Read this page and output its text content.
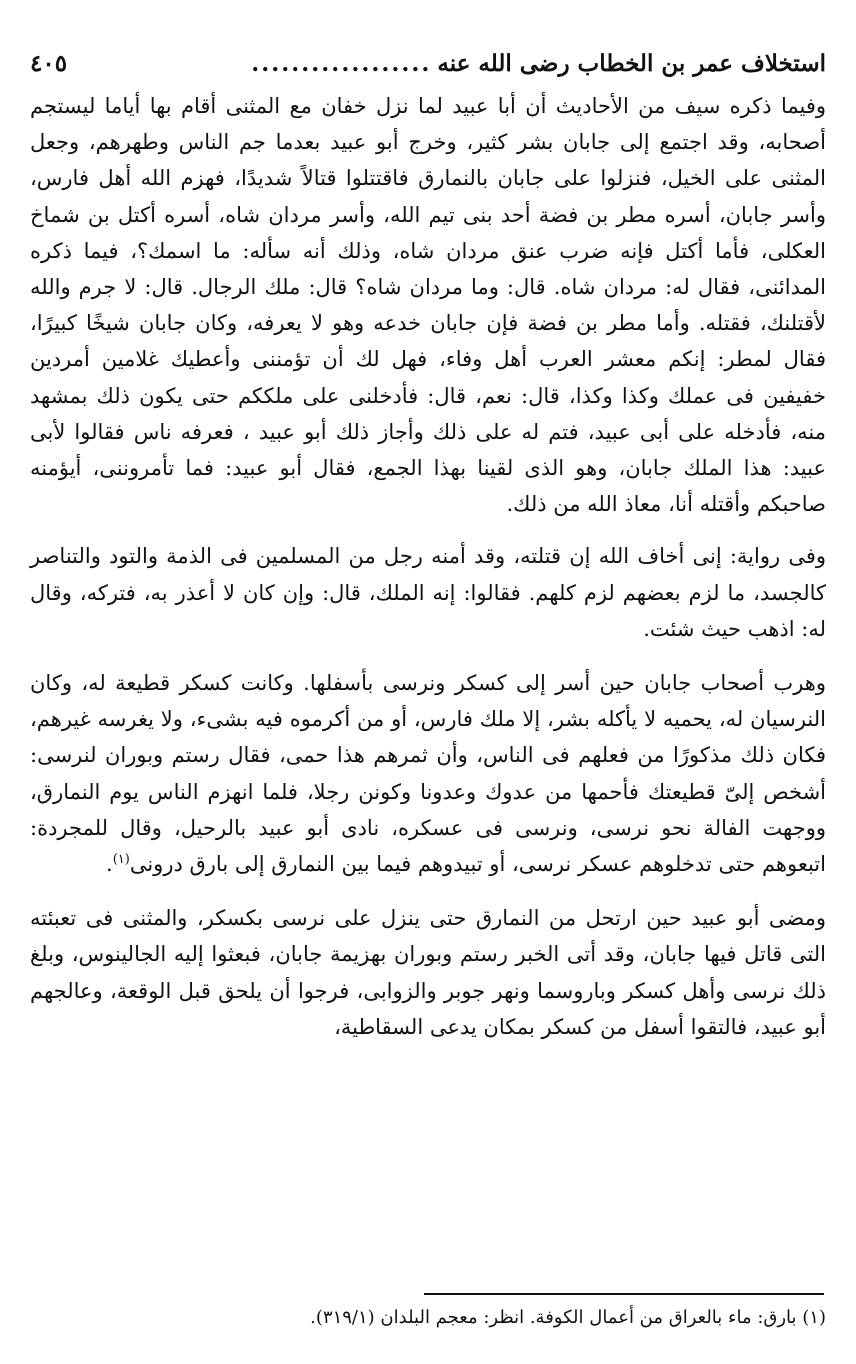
استخلاف عمر بن الخطاب رضى الله عنه
..................
٤٠٥

وفيما ذكره سيف من الأحاديث أن أبا عبيد لما نزل خفان مع المثنى أقام بها أياما ليستجم أصحابه، وقد اجتمع إلى جابان بشر كثير، وخرج أبو عبيد بعدما جم الناس وطهرهم، وجعل المثنى على الخيل، فنزلوا على جابان بالنمارق فاقتتلوا قتالاً شديدًا، فهزم الله أهل فارس، وأسر جابان، أسره مطر بن فضة أحد بنى تيم الله، وأسر مردان شاه، أسره أكتل بن شماخ العكلى، فأما أكتل فإنه ضرب عنق مردان شاه، وذلك أنه سأله: ما اسمك؟، فيما ذكره المدائنى، فقال له: مردان شاه. قال: وما مردان شاه؟ قال: ملك الرجال. قال: لا جرم والله لأقتلنك، فقتله. وأما مطر بن فضة فإن جابان خدعه وهو لا يعرفه، وكان جابان شيخًا كبيرًا، فقال لمطر: إنكم معشر العرب أهل وفاء، فهل لك أن تؤمننى وأعطيك غلامين أمردين خفيفين فى عملك وكذا وكذا، قال: نعم، قال: فأدخلنى على ملككم حتى يكون ذلك بمشهد منه، فأدخله على أبى عبيد، فتم له على ذلك وأجاز ذلك أبو عبيد ، فعرفه ناس فقالوا لأبى عبيد: هذا الملك جابان، وهو الذى لقينا بهذا الجمع، فقال أبو عبيد: فما تأمروننى، أيؤمنه صاحبكم وأقتله أنا، معاذ الله من ذلك.

وفى رواية: إنى أخاف الله إن قتلته، وقد أمنه رجل من المسلمين فى الذمة والتود والتناصر كالجسد، ما لزم بعضهم لزم كلهم. فقالوا: إنه الملك، قال: وإن كان لا أعذر به، فتركه، وقال له: اذهب حيث شئت.

وهرب أصحاب جابان حين أسر إلى كسكر ونرسى بأسفلها. وكانت كسكر قطيعة له، وكان النرسيان له، يحميه لا يأكله بشر، إلا ملك فارس، أو من أكرموه فيه بشىء، ولا يغرسه غيرهم، فكان ذلك مذكورًا من فعلهم فى الناس، وأن ثمرهم هذا حمى، فقال رستم وبوران لنرسى: أشخص إلىّ قطيعتك فأحمها من عدوك وعدونا وكونن رجلا، فلما انهزم الناس يوم النمارق، ووجهت الفالة نحو نرسى، ونرسى فى عسكره، نادى أبو عبيد بالرحيل، وقال للمجردة: اتبعوهم حتى تدخلوهم عسكر نرسى، أو تبيدوهم فيما بين النمارق إلى بارق درونى$^{(١)}$.

ومضى أبو عبيد حين ارتحل من النمارق حتى ينزل على نرسى بكسكر، والمثنى فى تعبئته التى قاتل فيها جابان، وقد أتى الخبر رستم وبوران بهزيمة جابان، فبعثوا إليه الجالينوس، وبلغ ذلك نرسى وأهل كسكر وباروسما ونهر جوبر والزوابى، فرجوا أن يلحق قبل الوقعة، وعالجهم أبو عبيد، فالتقوا أسفل من كسكر بمكان يدعى السقاطية،

(١) بارق: ماء بالعراق من أعمال الكوفة. انظر: معجم البلدان (٣١٩/١).
